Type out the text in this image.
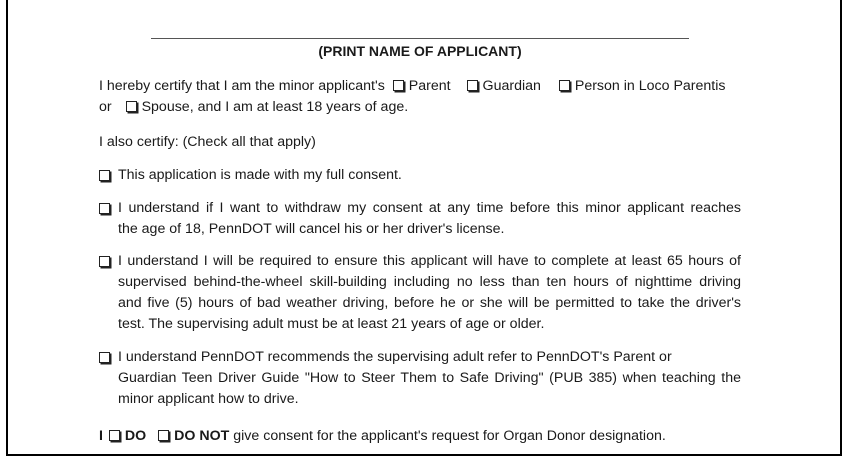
(PRINT NAME OF APPLICANT)
I hereby certify that I am the minor applicant's Parent Guardian Person in Loco Parentis
or Spouse, and I am at least 18 years of age.
I also certify: (Check all that apply)
This application is made with my full consent.
I understand if I want to withdraw my consent at any time before this minor applicant reaches
the age of 18, PennDOT will cancel his or her driver's license.
I understand I will be required to ensure this applicant will have to complete at least 65 hours of
supervised behind-the-wheel skill-building including no less than ten hours of nighttime driving
and five (5) hours of bad weather driving, before he or she will be permitted to take the driver's
test. The supervising adult must be at least 21 years of age or older.
I understand PennDOT recommends the supervising adult refer to PennDOT's Parent or
Guardian Teen Driver Guide "How to Steer Them to Safe Driving" (PUB 385) when teaching the
minor applicant how to drive.
I DO DO NOT give consent for the applicant's request for Organ Donor designation.
